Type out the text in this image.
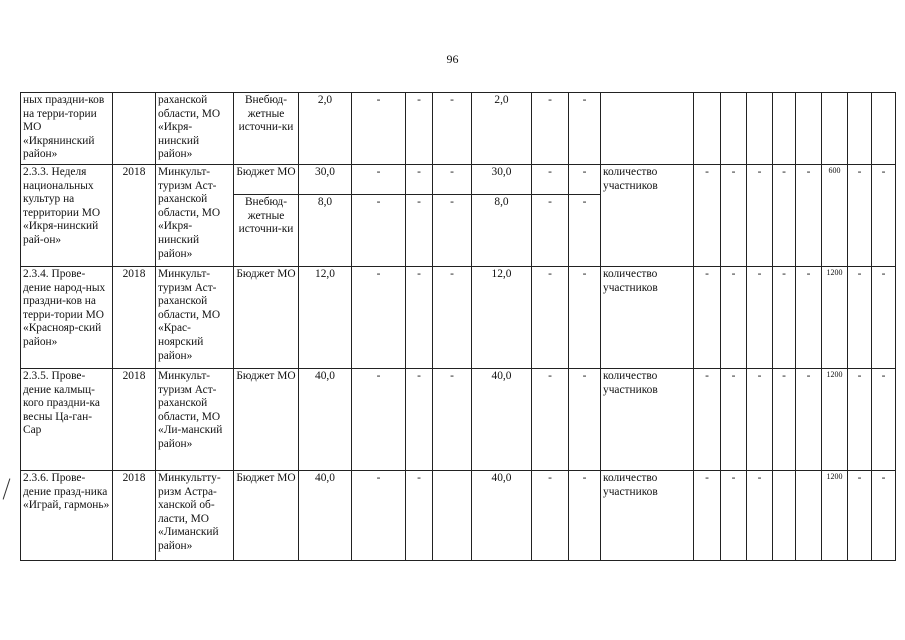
96
ных праздни-ков на терри-тории МО «Икрянинский район»		раханской области, МО «Икря-нинский район»	Внебюд-жетные источни-ки	2,0	-	-	-	2,0	-	-									
2.3.3. Неделя национальных культур на территории МО «Икря-нинский рай-он»	2018	Минкульт-туризм Аст-раханской области, МО «Икря-нинский район»	Бюджет МО	30,0	-	-	-	30,0	-	-	количество участников	-	-	-	-	-	600	-	-
			Внебюд-жетные источни-ки	8,0	-	-	-	8,0	-	-									
2.3.4. Прове-дение народ-ных праздни-ков на терри-тории МО «Краснояр-ский район»	2018	Минкульт-туризм Аст-раханской области, МО «Крас-ноярский район»	Бюджет МО	12,0	-	-	-	12,0	-	-	количество участников	-	-	-	-	-	1200	-	-
2.3.5. Прове-дение калмыц-кого праздни-ка весны Ца-ган-Сар	2018	Минкульт-туризм Аст-раханской области, МО «Ли-манский район»	Бюджет МО	40,0	-	-	-	40,0	-	-	количество участников	-	-	-	-	-	1200	-	-
2.3.6. Прове-дение празд-ника «Играй, гармонь»	2018	Минкультту-ризм Астра-ханской об-ласти, МО «Лиманский район»	Бюджет МО	40,0	-	-		40,0	-	-	количество участников	-	-	-			1200	-	-
